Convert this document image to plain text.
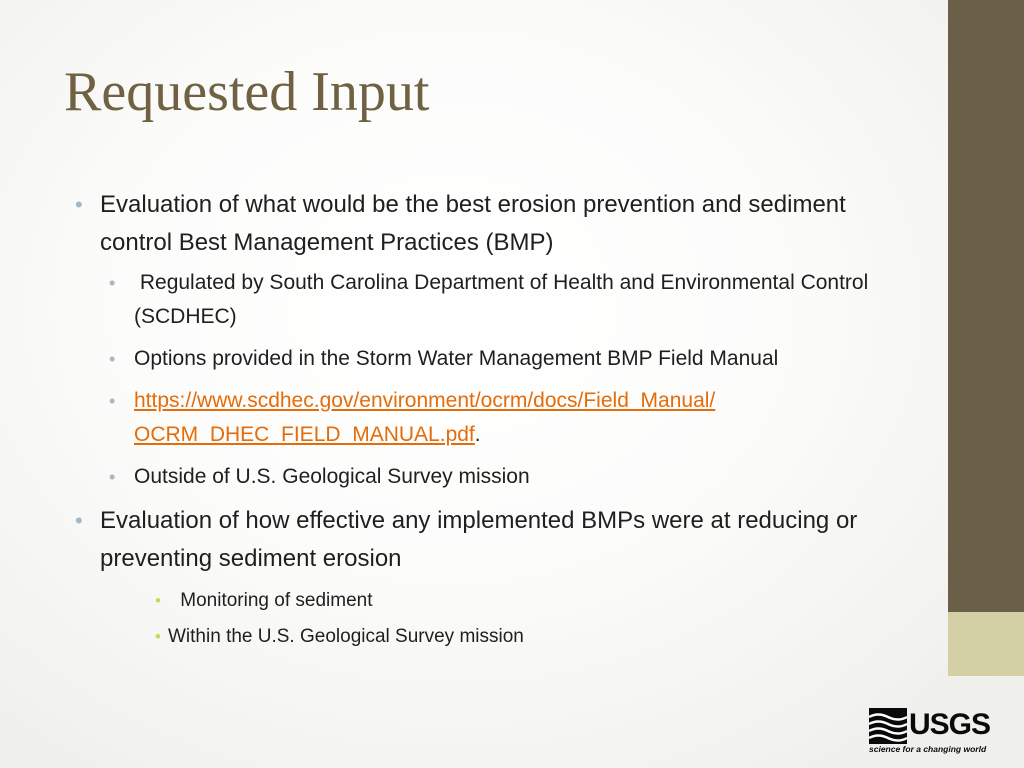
Requested Input
• Evaluation of what would be the best erosion prevention and sediment control Best Management Practices (BMP)
• Regulated by South Carolina Department of Health and Environmental Control (SCDHEC)
• Options provided in the Storm Water Management BMP Field Manual
• https://www.scdhec.gov/environment/ocrm/docs/Field_Manual/
OCRM_DHEC_FIELD_MANUAL.pdf.
• Outside of U.S. Geological Survey mission
• Evaluation of how effective any implemented BMPs were at reducing or preventing sediment erosion
• Monitoring of sediment
• Within the U.S. Geological Survey mission
USGS
science for a changing world
